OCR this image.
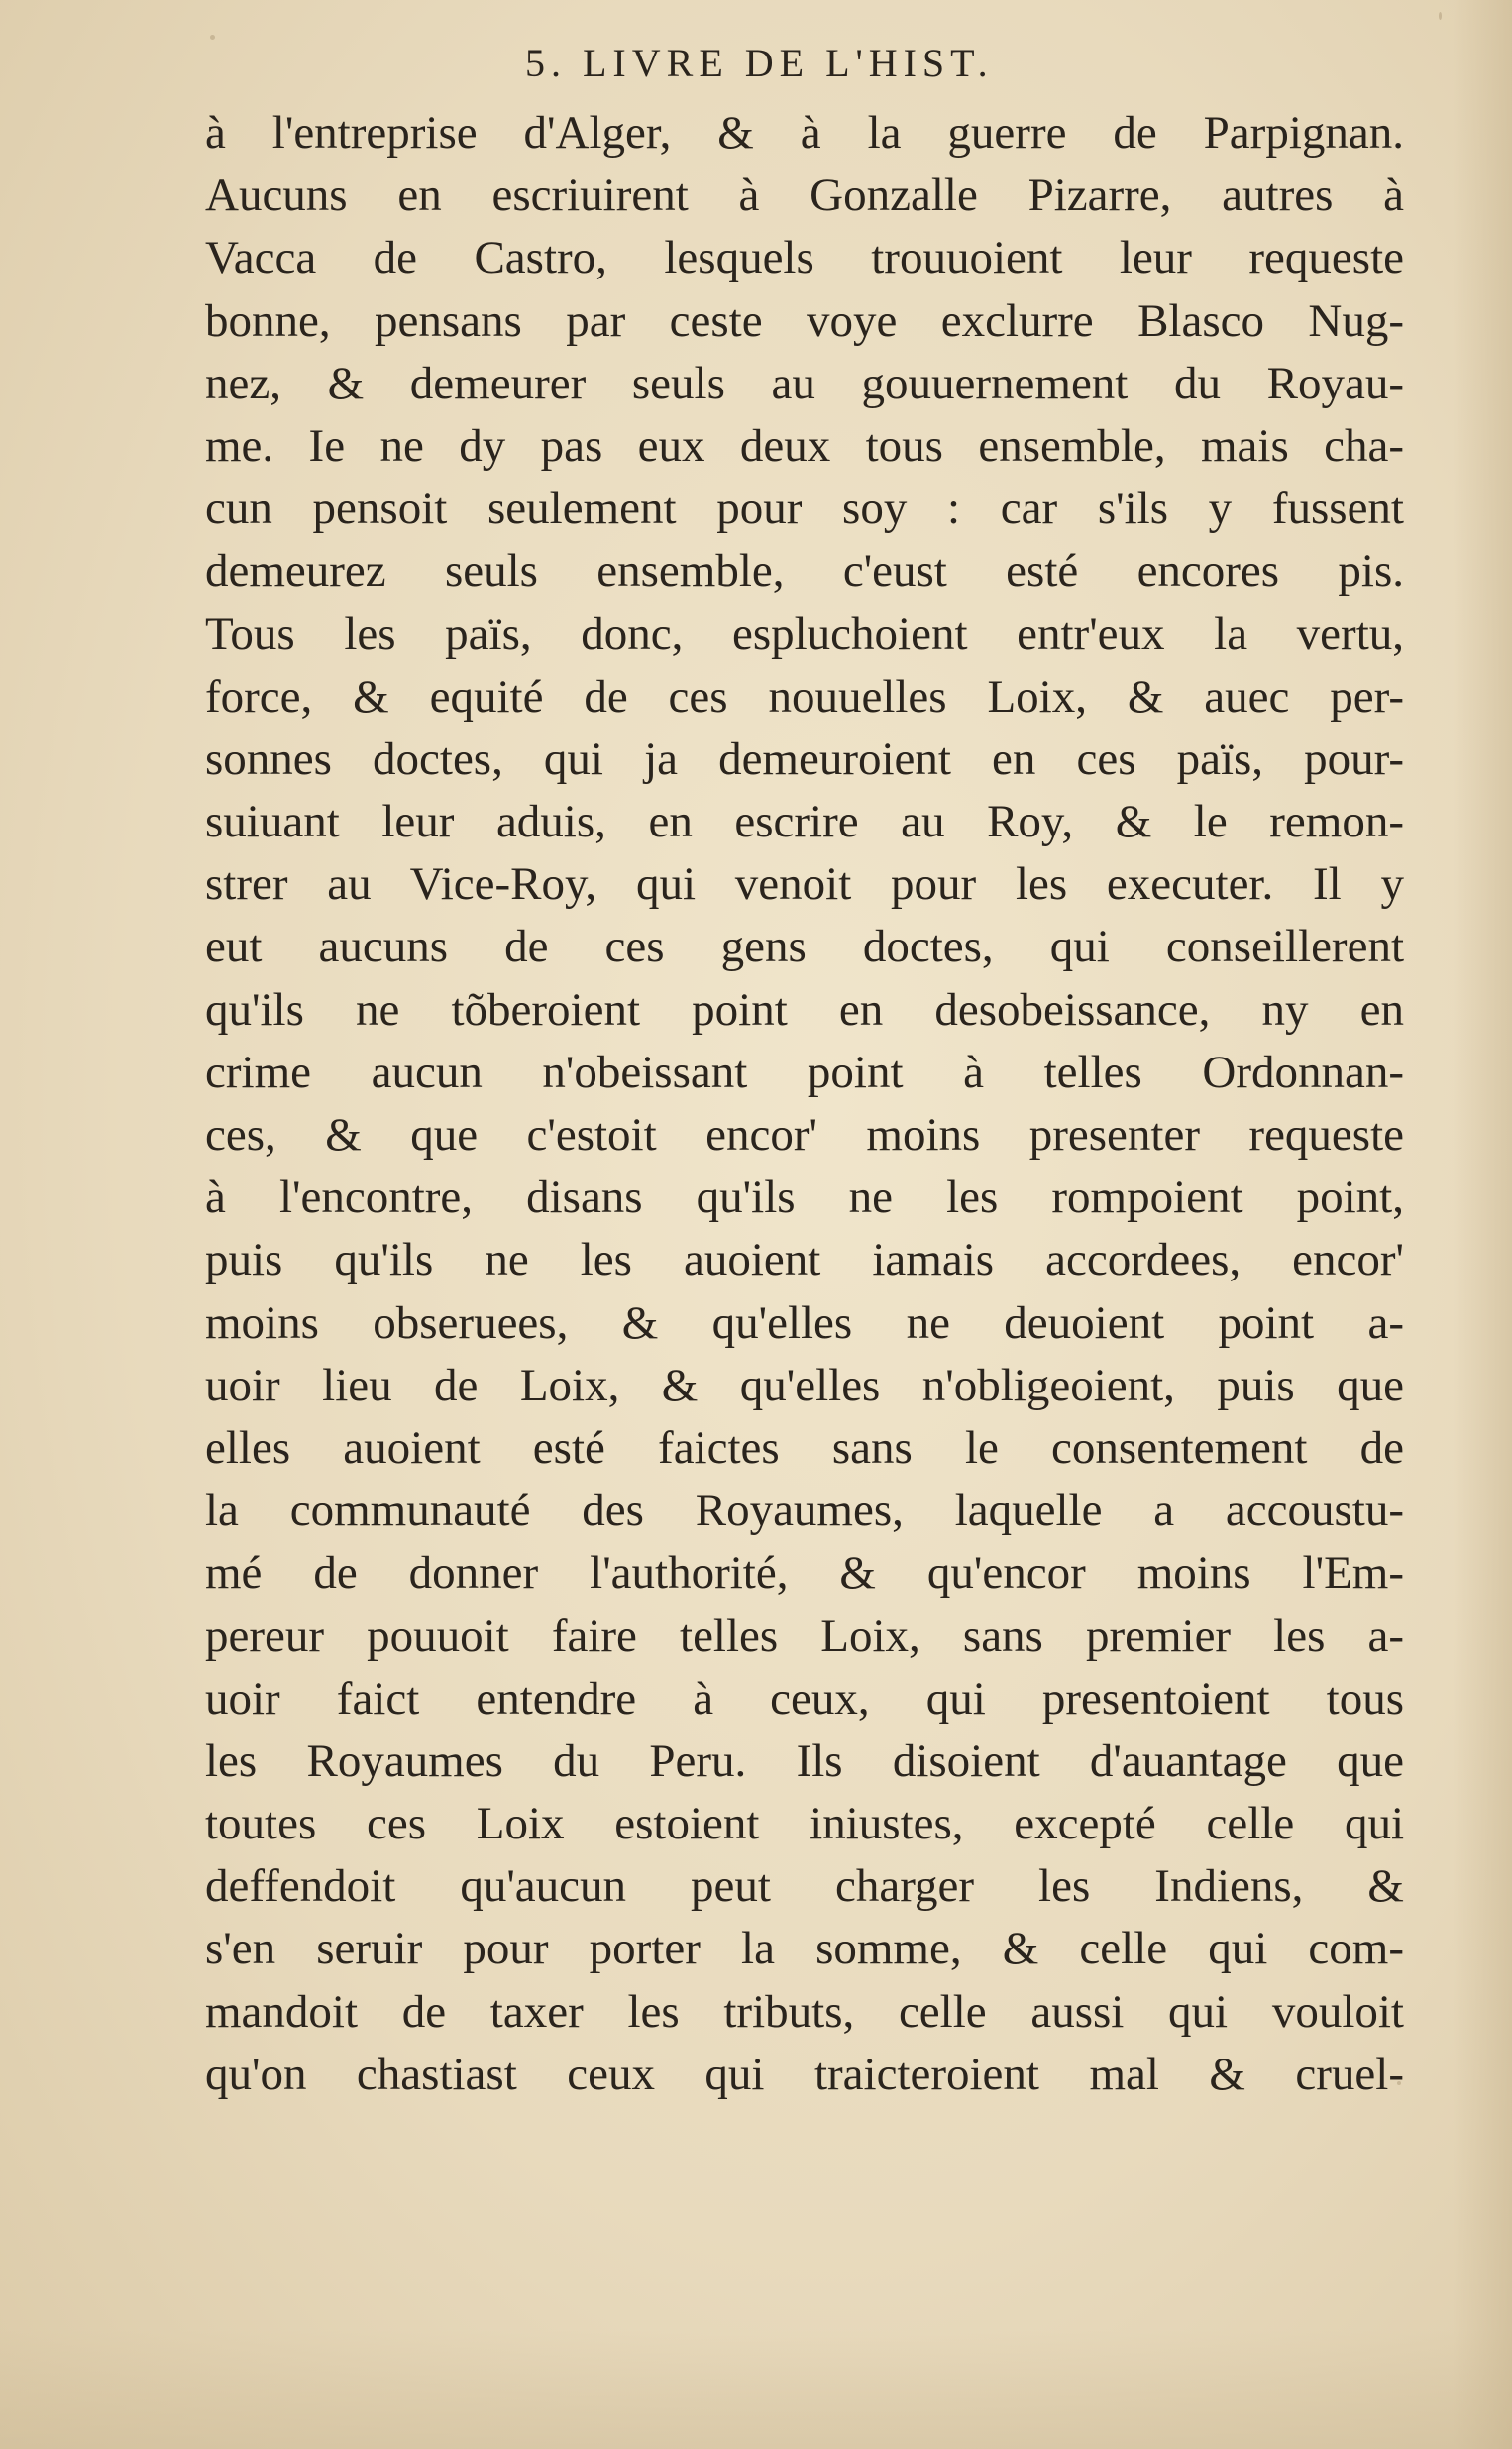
5. LIVRE DE L'HIST.
à l'entreprise d'Alger, & à la guerre de Parpignan.
Aucuns en escriuirent à Gonzalle Pizarre, autres à
Vacca de Castro, lesquels trouuoient leur requeste
bonne, pensans par ceste voye exclurre Blasco Nug-
nez, & demeurer seuls au gouuernement du Royau-
me. Ie ne dy pas eux deux tous ensemble, mais cha-
cun pensoit seulement pour soy : car s'ils y fussent
demeurez seuls ensemble, c'eust esté encores pis.
Tous les païs, donc, espluchoient entr'eux la vertu,
force, & equité de ces nouuelles Loix, & auec per-
sonnes doctes, qui ja demeuroient en ces païs, pour-
suiuant leur aduis, en escrire au Roy, & le remon-
strer au Vice-Roy, qui venoit pour les executer. Il y
eut aucuns de ces gens doctes, qui conseillerent
qu'ils ne tõberoient point en desobeissance, ny en
crime aucun n'obeissant point à telles Ordonnan-
ces, & que c'estoit encor' moins presenter requeste
à l'encontre, disans qu'ils ne les rompoient point,
puis qu'ils ne les auoient iamais accordees, encor'
moins obseruees, & qu'elles ne deuoient point a-
uoir lieu de Loix, & qu'elles n'obligeoient, puis que
elles auoient esté faictes sans le consentement de
la communauté des Royaumes, laquelle a accoustu-
mé de donner l'authorité, & qu'encor moins l'Em-
pereur pouuoit faire telles Loix, sans premier les a-
uoir faict entendre à ceux, qui presentoient tous
les Royaumes du Peru. Ils disoient d'auantage que
toutes ces Loix estoient iniustes, excepté celle qui
deffendoit qu'aucun peut charger les Indiens, &
s'en seruir pour porter la somme, & celle qui com-
mandoit de taxer les tributs, celle aussi qui vouloit
qu'on chastiast ceux qui traicteroient mal & cruel-
